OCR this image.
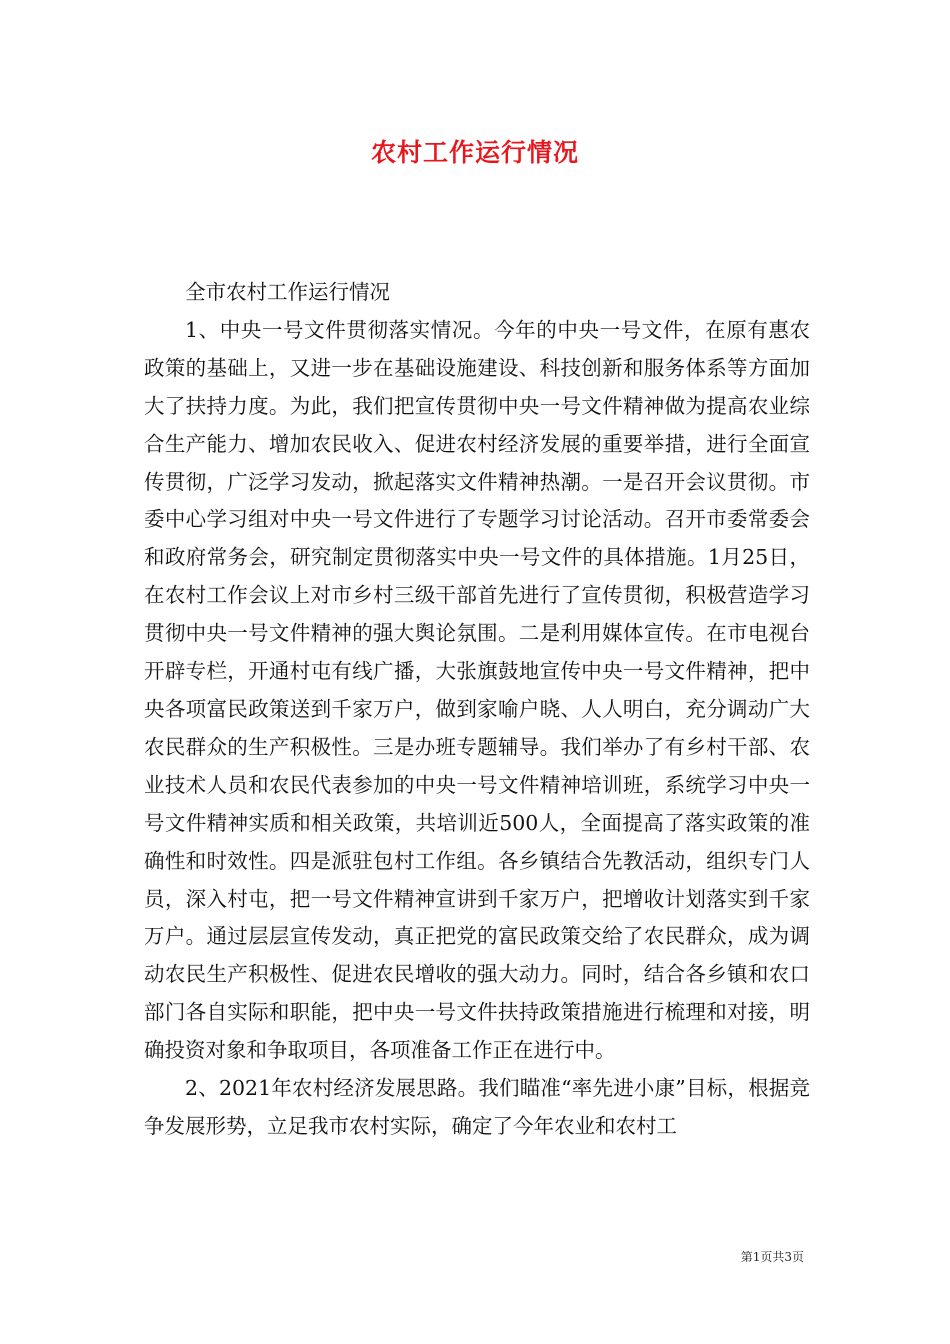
农村工作运行情况

全市农村工作运行情况

1、中央一号文件贯彻落实情况。今年的中央一号文件，在原有惠农政策的基础上，又进一步在基础设施建设、科技创新和服务体系等方面加大了扶持力度。为此，我们把宣传贯彻中央一号文件精神做为提高农业综合生产能力、增加农民收入、促进农村经济发展的重要举措，进行全面宣传贯彻，广泛学习发动，掀起落实文件精神热潮。一是召开会议贯彻。市委中心学习组对中央一号文件进行了专题学习讨论活动。召开市委常委会和政府常务会，研究制定贯彻落实中央一号文件的具体措施。1月25日，在农村工作会议上对市乡村三级干部首先进行了宣传贯彻，积极营造学习贯彻中央一号文件精神的强大舆论氛围。二是利用媒体宣传。在市电视台开辟专栏，开通村屯有线广播，大张旗鼓地宣传中央一号文件精神，把中央各项富民政策送到千家万户，做到家喻户晓、人人明白，充分调动广大农民群众的生产积极性。三是办班专题辅导。我们举办了有乡村干部、农业技术人员和农民代表参加的中央一号文件精神培训班，系统学习中央一号文件精神实质和相关政策，共培训近500人，全面提高了落实政策的准确性和时效性。四是派驻包村工作组。各乡镇结合先教活动，组织专门人员，深入村屯，把一号文件精神宣讲到千家万户，把增收计划落实到千家万户。通过层层宣传发动，真正把党的富民政策交给了农民群众，成为调动农民生产积极性、促进农民增收的强大动力。同时，结合各乡镇和农口部门各自实际和职能，把中央一号文件扶持政策措施进行梳理和对接，明确投资对象和争取项目，各项准备工作正在进行中。

2、2021年农村经济发展思路。我们瞄准“率先进小康”目标，根据竞争发展形势，立足我市农村实际，确定了今年农业和农村工

第1页共3页
